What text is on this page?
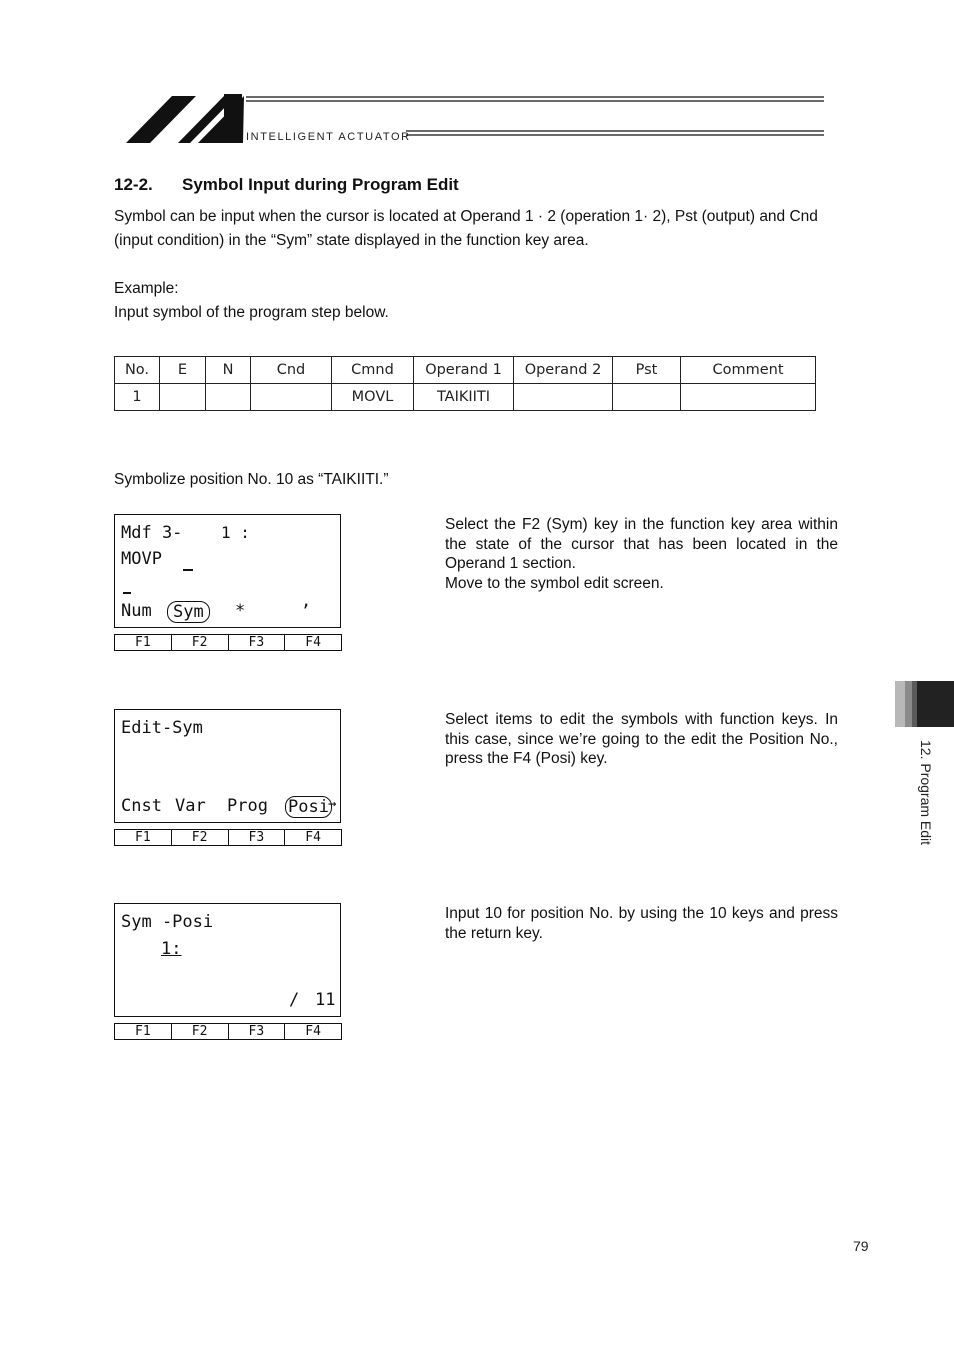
INTELLIGENT ACTUATOR
12-2. Symbol Input during Program Edit
Symbol can be input when the cursor is located at Operand 1 · 2 (operation 1· 2), Pst (output) and Cnd (input condition) in the “Sym” state displayed in the function key area.
Example:
Input symbol of the program step below.
No.	E	N	Cnd	Cmnd	Operand 1	Operand 2	Pst	Comment
1				MOVL	TAIKIITI			
Symbolize position No. 10 as “TAIKIITI.”
Mdf 3- 1 :
MOVP
Num	Sym	*	,
F1	F2	F3	F4
Select the F2 (Sym) key in the function key area within the state of the cursor that has been located in the Operand 1 section.
Move to the symbol edit screen.
Edit-Sym
Cnst Var Prog Posi →
F1	F2	F3	F4
Select items to edit the symbols with function keys. In this case, since we’re going to the edit the Position No., press the F4 (Posi) key.
Sym -Posi
1:
/ 11
F1	F2	F3	F4
Input 10 for position No. by using the 10 keys and press the return key.
12. Program Edit
79
